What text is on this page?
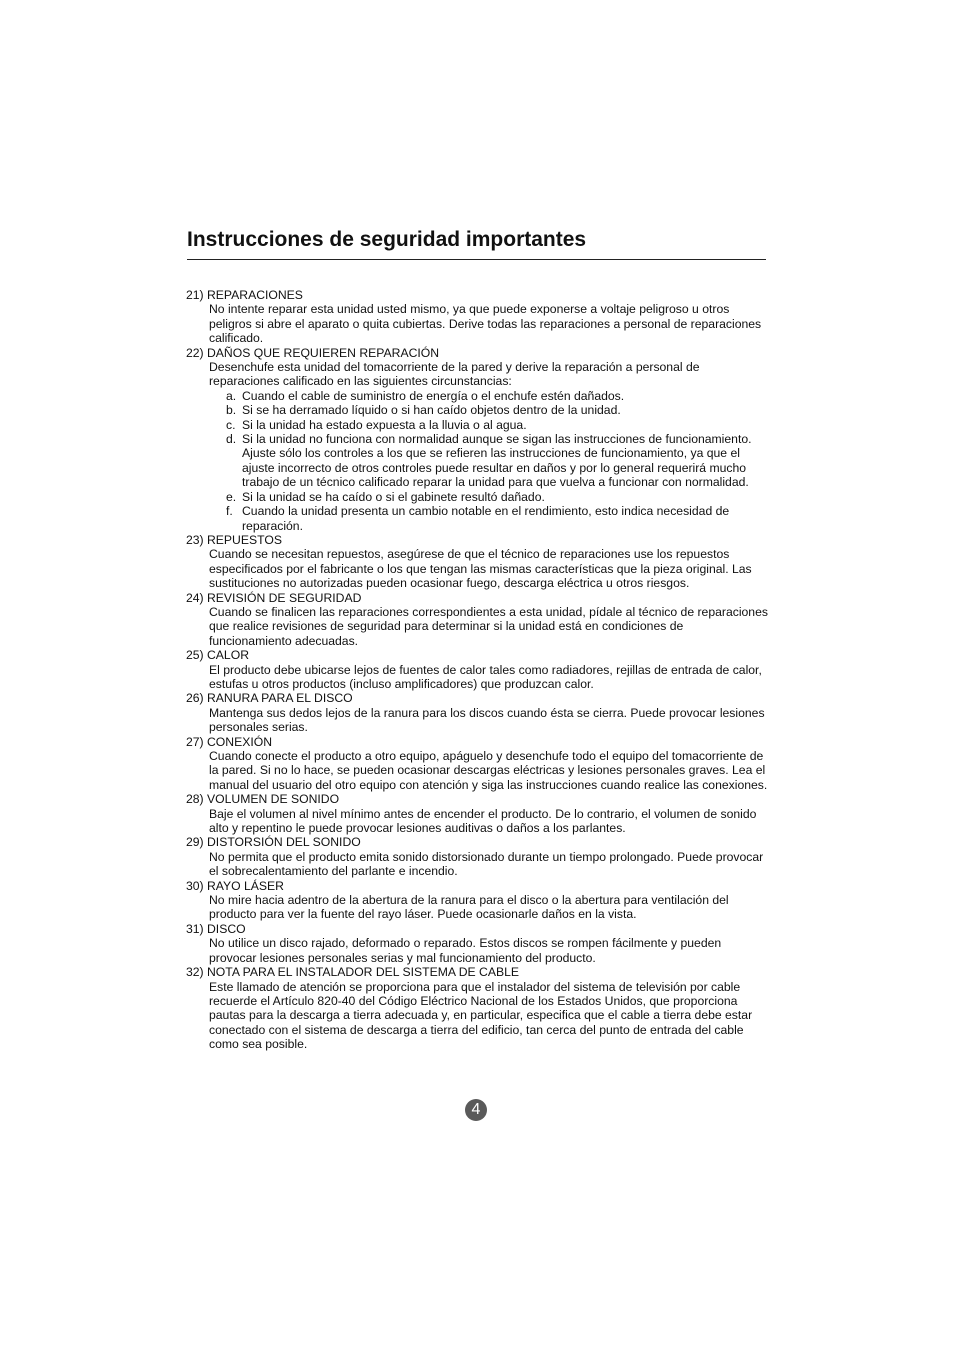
Instrucciones de seguridad importantes
21) REPARACIONES
No intente reparar esta unidad usted mismo, ya que puede exponerse a voltaje peligroso u otros peligros si abre el aparato o quita cubiertas. Derive todas las reparaciones a personal de reparaciones calificado.
22) DAÑOS QUE REQUIEREN REPARACIÓN
Desenchufe esta unidad del tomacorriente de la pared y derive la reparación a personal de reparaciones calificado en las siguientes circunstancias:
a. Cuando el cable de suministro de energía o el enchufe estén dañados.
b. Si se ha derramado líquido o si han caído objetos dentro de la unidad.
c. Si la unidad ha estado expuesta a la lluvia o al agua.
d. Si la unidad no funciona con normalidad aunque se sigan las instrucciones de funcionamiento. Ajuste sólo los controles a los que se refieren las instrucciones de funcionamiento, ya que el ajuste incorrecto de otros controles puede resultar en daños y por lo general requerirá mucho trabajo de un técnico calificado reparar la unidad para que vuelva a funcionar con normalidad.
e. Si la unidad se ha caído o si el gabinete resultó dañado.
f. Cuando la unidad presenta un cambio notable en el rendimiento, esto indica necesidad de reparación.
23) REPUESTOS
Cuando se necesitan repuestos, asegúrese de que el técnico de reparaciones use los repuestos especificados por el fabricante o los que tengan las mismas características que la pieza original. Las sustituciones no autorizadas pueden ocasionar fuego, descarga eléctrica u otros riesgos.
24) REVISIÓN DE SEGURIDAD
Cuando se finalicen las reparaciones correspondientes a esta unidad, pídale al técnico de reparaciones que realice revisiones de seguridad para determinar si la unidad está en condiciones de funcionamiento adecuadas.
25) CALOR
El producto debe ubicarse lejos de fuentes de calor tales como radiadores, rejillas de entrada de calor, estufas u otros productos (incluso amplificadores) que produzcan calor.
26) RANURA PARA EL DISCO
Mantenga sus dedos lejos de la ranura para los discos cuando ésta se cierra. Puede provocar lesiones personales serias.
27) CONEXIÓN
Cuando conecte el producto a otro equipo, apáguelo y desenchufe todo el equipo del tomacorriente de la pared. Si no lo hace, se pueden ocasionar descargas eléctricas y lesiones personales graves. Lea el manual del usuario del otro equipo con atención y siga las instrucciones cuando realice las conexiones.
28) VOLUMEN DE SONIDO
Baje el volumen al nivel mínimo antes de encender el producto. De lo contrario, el volumen de sonido alto y repentino le puede provocar lesiones auditivas o daños a los parlantes.
29) DISTORSIÓN DEL SONIDO
No permita que el producto emita sonido distorsionado durante un tiempo prolongado. Puede provocar el sobrecalentamiento del parlante e incendio.
30) RAYO LÁSER
No mire hacia adentro de la abertura de la ranura para el disco o la abertura para ventilación del producto para ver la fuente del rayo láser. Puede ocasionarle daños en la vista.
31) DISCO
No utilice un disco rajado, deformado o reparado. Estos discos se rompen fácilmente y pueden provocar lesiones personales serias y mal funcionamiento del producto.
32) NOTA PARA EL INSTALADOR DEL SISTEMA DE CABLE
Este llamado de atención se proporciona para que el instalador del sistema de televisión por cable recuerde el Artículo 820-40 del Código Eléctrico Nacional de los Estados Unidos, que proporciona pautas para la descarga a tierra adecuada y, en particular, especifica que el cable a tierra debe estar conectado con el sistema de descarga a tierra del edificio, tan cerca del punto de entrada del cable como sea posible.
4
